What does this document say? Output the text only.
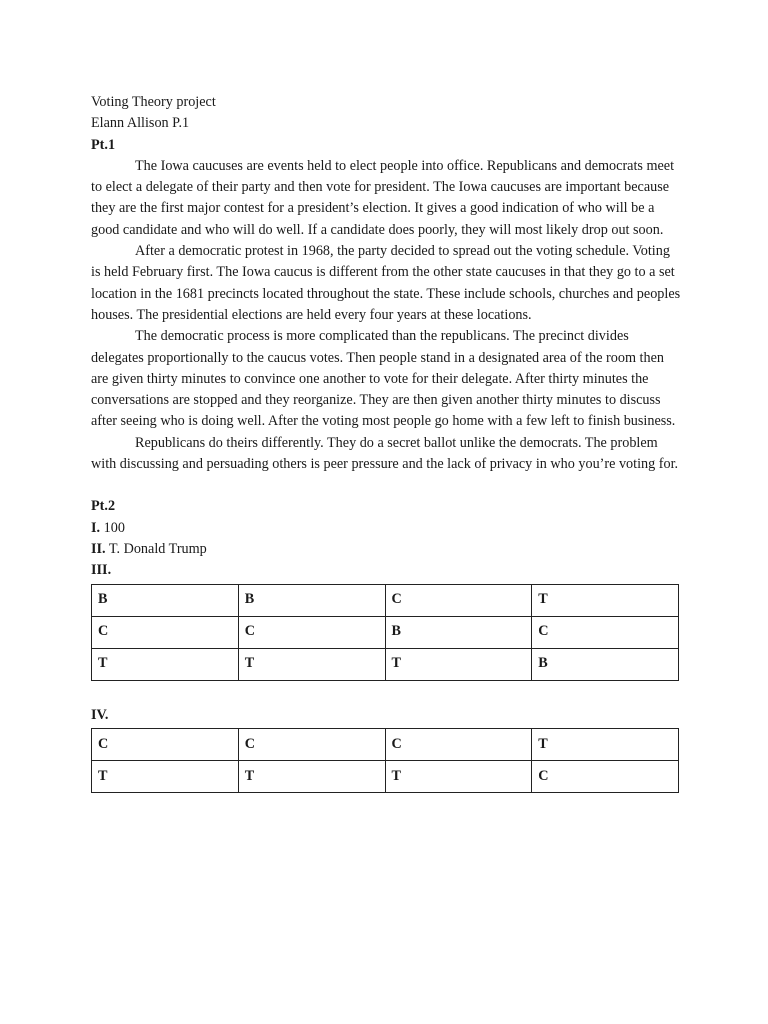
Voting Theory project
Elann Allison P.1
Pt.1

The Iowa caucuses are events held to elect people into office. Republicans and democrats meet to elect a delegate of their party and then vote for president. The Iowa caucuses are important because they are the first major contest for a president’s election. It gives a good indication of who will be a good candidate and who will do well. If a candidate does poorly, they will most likely drop out soon.

After a democratic protest in 1968, the party decided to spread out the voting schedule. Voting is held February first. The Iowa caucus is different from the other state caucuses in that they go to a set location in the 1681 precincts located throughout the state. These include schools, churches and peoples houses. The presidential elections are held every four years at these locations.

The democratic process is more complicated than the republicans. The precinct divides delegates proportionally to the caucus votes. Then people stand in a designated area of the room then are given thirty minutes to convince one another to vote for their delegate. After thirty minutes the conversations are stopped and they reorganize. They are then given another thirty minutes to discuss after seeing who is doing well. After the voting most people go home with a few left to finish business.

Republicans do theirs differently. They do a secret ballot unlike the democrats. The problem with discussing and persuading others is peer pressure and the lack of privacy in who you’re voting for.

Pt.2
I. 100
II. T. Donald Trump
III.
B	B	C	T
C	C	B	C
T	T	T	B
IV.
C	C	C	T
T	T	T	C
